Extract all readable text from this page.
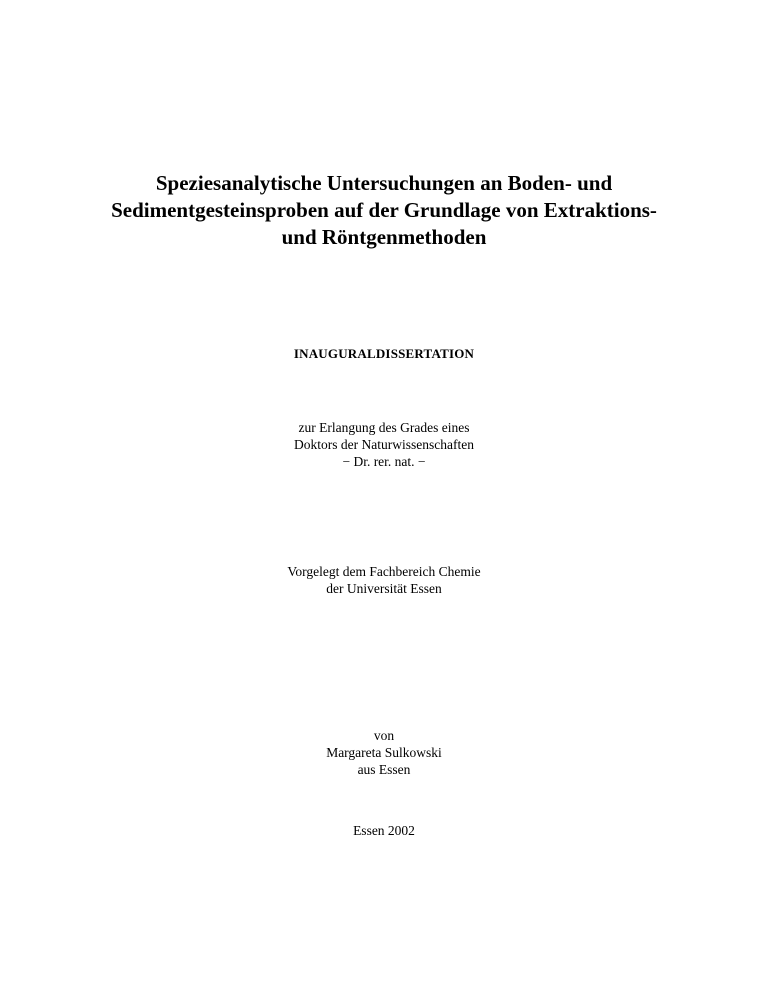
Speziesanalytische Untersuchungen an Boden- und
Sedimentgesteinsproben auf der Grundlage von Extraktions-
und Röntgenmethoden
INAUGURALDISSERTATION
zur Erlangung des Grades eines
Doktors der Naturwissenschaften
− Dr. rer. nat. −
Vorgelegt dem Fachbereich Chemie
der Universität Essen
von
Margareta Sulkowski
aus Essen
Essen 2002
